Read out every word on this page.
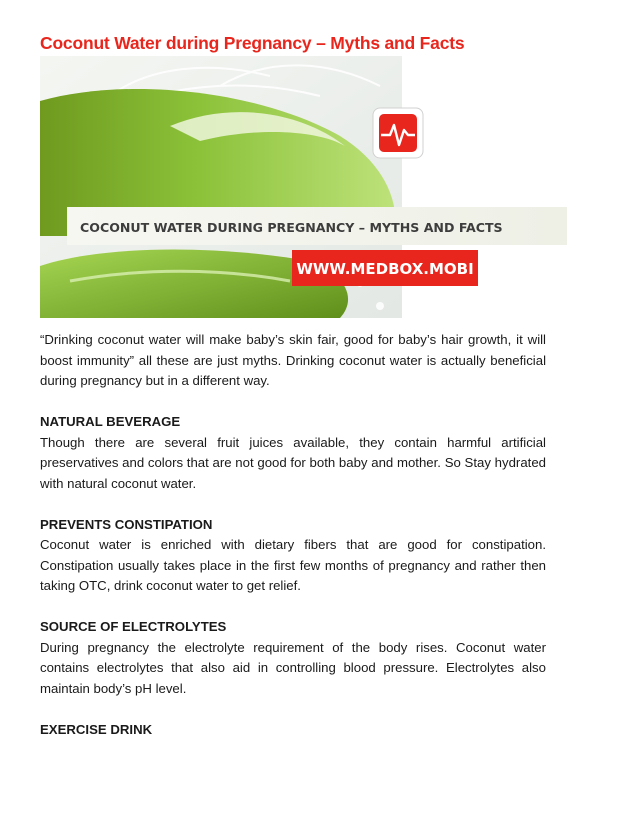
Coconut Water during Pregnancy – Myths and Facts
COCONUT WATER DURING PREGNANCY – MYTHS AND FACTS
WWW.MEDBOX.MOBI

“Drinking coconut water will make baby’s skin fair, good for baby’s hair growth, it will boost immunity” all these are just myths. Drinking coconut water is actually beneficial during pregnancy but in a different way.

NATURAL BEVERAGE

Though there are several fruit juices available, they contain harmful artificial preservatives and colors that are not good for both baby and mother. So Stay hydrated with natural coconut water.

PREVENTS CONSTIPATION

Coconut water is enriched with dietary fibers that are good for constipation. Constipation usually takes place in the first few months of pregnancy and rather then taking OTC, drink coconut water to get relief.

SOURCE OF ELECTROLYTES

During pregnancy the electrolyte requirement of the body rises. Coconut water contains electrolytes that also aid in controlling blood pressure. Electrolytes also maintain body’s pH level.

EXERCISE DRINK
